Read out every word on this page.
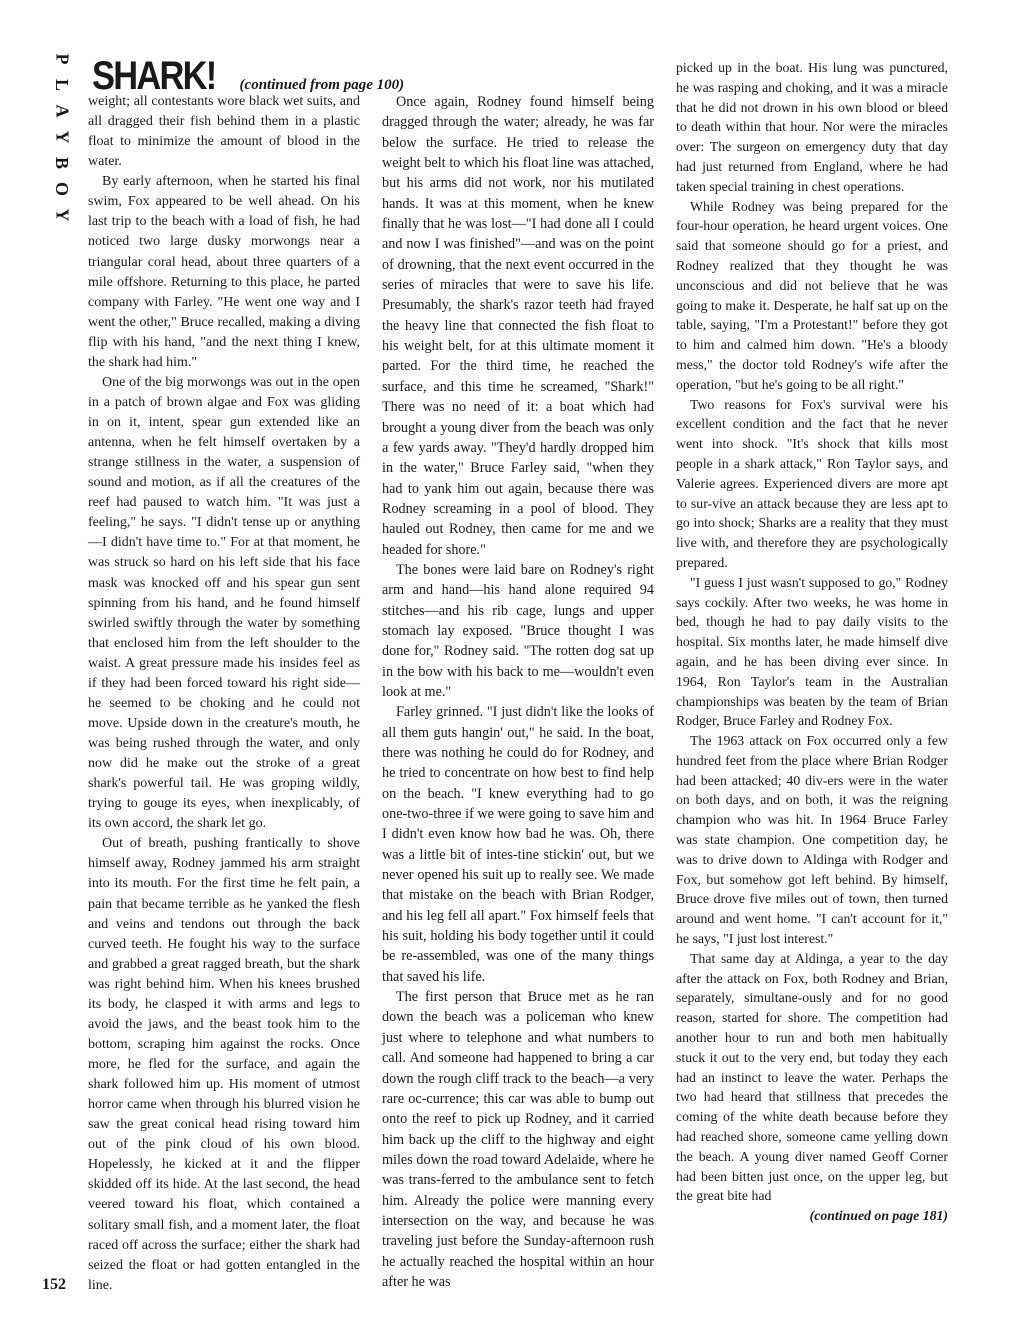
P
L
A
Y
B
O
Y
SHARK! (continued from page 100)

weight; all contestants wore black wet suits, and all dragged their fish behind them in a plastic float to minimize the amount of blood in the water.

By early afternoon, when he started his final swim, Fox appeared to be well ahead. On his last trip to the beach with a load of fish, he had noticed two large dusky morwongs near a triangular coral head, about three quarters of a mile offshore. Returning to this place, he parted company with Farley. "He went one way and I went the other," Bruce recalled, making a diving flip with his hand, "and the next thing I knew, the shark had him."

One of the big morwongs was out in the open in a patch of brown algae and Fox was gliding in on it, intent, spear gun extended like an antenna, when he felt himself overtaken by a strange stillness in the water, a suspension of sound and motion, as if all the creatures of the reef had paused to watch him. "It was just a feeling," he says. "I didn't tense up or anything—I didn't have time to." For at that moment, he was struck so hard on his left side that his face mask was knocked off and his spear gun sent spinning from his hand, and he found himself swirled swiftly through the water by something that enclosed him from the left shoulder to the waist. A great pressure made his insides feel as if they had been forced toward his right side—he seemed to be choking and he could not move. Upside down in the creature's mouth, he was being rushed through the water, and only now did he make out the stroke of a great shark's powerful tail. He was groping wildly, trying to gouge its eyes, when inexplicably, of its own accord, the shark let go.

Out of breath, pushing frantically to shove himself away, Rodney jammed his arm straight into its mouth. For the first time he felt pain, a pain that became terrible as he yanked the flesh and veins and tendons out through the back curved teeth. He fought his way to the surface and grabbed a great ragged breath, but the shark was right behind him. When his knees brushed its body, he clasped it with arms and legs to avoid the jaws, and the beast took him to the bottom, scraping him against the rocks. Once more, he fled for the surface, and again the shark followed him up. His moment of utmost horror came when through his blurred vision he saw the great conical head rising toward him out of the pink cloud of his own blood. Hopelessly, he kicked at it and the flipper skidded off its hide. At the last second, the head veered toward his float, which contained a solitary small fish, and a moment later, the float raced off across the surface; either the shark had seized the float or had gotten entangled in the line.

Once again, Rodney found himself being dragged through the water; already, he was far below the surface. He tried to release the weight belt to which his float line was attached, but his arms did not work, nor his mutilated hands. It was at this moment, when he knew finally that he was lost—"I had done all I could and now I was finished"—and was on the point of drowning, that the next event occurred in the series of miracles that were to save his life. Presumably, the shark's razor teeth had frayed the heavy line that connected the fish float to his weight belt, for at this ultimate moment it parted. For the third time, he reached the surface, and this time he screamed, "Shark!" There was no need of it: a boat which had brought a young diver from the beach was only a few yards away. "They'd hardly dropped him in the water," Bruce Farley said, "when they had to yank him out again, because there was Rodney screaming in a pool of blood. They hauled out Rodney, then came for me and we headed for shore."

The bones were laid bare on Rodney's right arm and hand—his hand alone required 94 stitches—and his rib cage, lungs and upper stomach lay exposed. "Bruce thought I was done for," Rodney said. "The rotten dog sat up in the bow with his back to me—wouldn't even look at me."

Farley grinned. "I just didn't like the looks of all them guts hangin' out," he said. In the boat, there was nothing he could do for Rodney, and he tried to concentrate on how best to find help on the beach. "I knew everything had to go one-two-three if we were going to save him and I didn't even know how bad he was. Oh, there was a little bit of intes-tine stickin' out, but we never opened his suit up to really see. We made that mistake on the beach with Brian Rodger, and his leg fell all apart." Fox himself feels that his suit, holding his body together until it could be re-assembled, was one of the many things that saved his life.

The first person that Bruce met as he ran down the beach was a policeman who knew just where to telephone and what numbers to call. And someone had happened to bring a car down the rough cliff track to the beach—a very rare oc-currence; this car was able to bump out onto the reef to pick up Rodney, and it carried him back up the cliff to the highway and eight miles down the road toward Adelaide, where he was trans-ferred to the ambulance sent to fetch him. Already the police were manning every intersection on the way, and because he was traveling just before the Sunday-afternoon rush he actually reached the hospital within an hour after he was

picked up in the boat. His lung was punctured, he was rasping and choking, and it was a miracle that he did not drown in his own blood or bleed to death within that hour. Nor were the miracles over: The surgeon on emergency duty that day had just returned from England, where he had taken special training in chest operations.

While Rodney was being prepared for the four-hour operation, he heard urgent voices. One said that someone should go for a priest, and Rodney realized that they thought he was unconscious and did not believe that he was going to make it. Desperate, he half sat up on the table, saying, "I'm a Protestant!" before they got to him and calmed him down. "He's a bloody mess," the doctor told Rodney's wife after the operation, "but he's going to be all right."

Two reasons for Fox's survival were his excellent condition and the fact that he never went into shock. "It's shock that kills most people in a shark attack," Ron Taylor says, and Valerie agrees. Experienced divers are more apt to sur-vive an attack because they are less apt to go into shock; Sharks are a reality that they must live with, and therefore they are psychologically prepared.

"I guess I just wasn't supposed to go," Rodney says cockily. After two weeks, he was home in bed, though he had to pay daily visits to the hospital. Six months later, he made himself dive again, and he has been diving ever since. In 1964, Ron Taylor's team in the Australian championships was beaten by the team of Brian Rodger, Bruce Farley and Rodney Fox.

The 1963 attack on Fox occurred only a few hundred feet from the place where Brian Rodger had been attacked; 40 div-ers were in the water on both days, and on both, it was the reigning champion who was hit. In 1964 Bruce Farley was state champion. One competition day, he was to drive down to Aldinga with Rodger and Fox, but somehow got left behind. By himself, Bruce drove five miles out of town, then turned around and went home. "I can't account for it," he says, "I just lost interest."

That same day at Aldinga, a year to the day after the attack on Fox, both Rodney and Brian, separately, simultane-ously and for no good reason, started for shore. The competition had another hour to run and both men habitually stuck it out to the very end, but today they each had an instinct to leave the water. Perhaps the two had heard that stillness that precedes the coming of the white death because before they had reached shore, someone came yelling down the beach. A young diver named Geoff Corner had been bitten just once, on the upper leg, but the great bite had

(continued on page 181)

152
